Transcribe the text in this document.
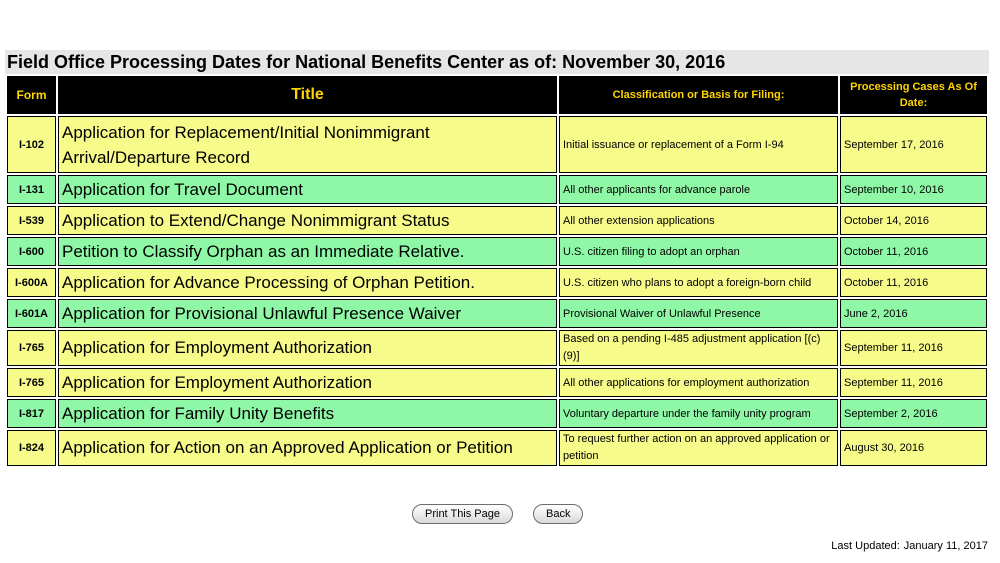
Field Office Processing Dates for National Benefits Center as of: November 30, 2016
Form	Title	Classification or Basis for Filing:	Processing Cases As Of Date:
I-102	Application for Replacement/Initial Nonimmigrant Arrival/Departure Record	Initial issuance or replacement of a Form I-94	September 17, 2016
I-131	Application for Travel Document	All other applicants for advance parole	September 10, 2016
I-539	Application to Extend/Change Nonimmigrant Status	All other extension applications	October 14, 2016
I-600	Petition to Classify Orphan as an Immediate Relative.	U.S. citizen filing to adopt an orphan	October 11, 2016
I-600A	Application for Advance Processing of Orphan Petition.	U.S. citizen who plans to adopt a foreign-born child	October 11, 2016
I-601A	Application for Provisional Unlawful Presence Waiver	Provisional Waiver of Unlawful Presence	June 2, 2016
I-765	Application for Employment Authorization	Based on a pending I-485 adjustment application [(c)(9)]	September 11, 2016
I-765	Application for Employment Authorization	All other applications for employment authorization	September 11, 2016
I-817	Application for Family Unity Benefits	Voluntary departure under the family unity program	September 2, 2016
I-824	Application for Action on an Approved Application or Petition	To request further action on an approved application or petition	August 30, 2016
Print This Page	Back
Last Updated: January 11, 2017
